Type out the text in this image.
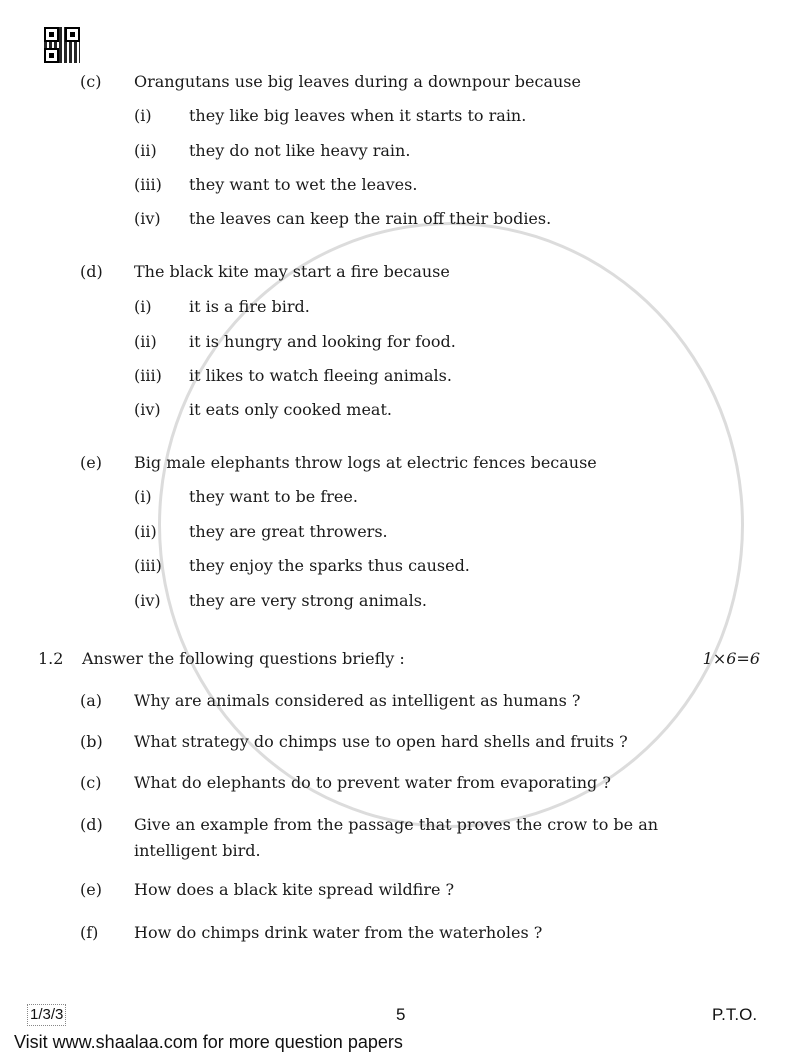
(c) Orangutans use big leaves during a downpour because
(i) they like big leaves when it starts to rain.
(ii) they do not like heavy rain.
(iii) they want to wet the leaves.
(iv) the leaves can keep the rain off their bodies.
(d) The black kite may start a fire because
(i) it is a fire bird.
(ii) it is hungry and looking for food.
(iii) it likes to watch fleeing animals.
(iv) it eats only cooked meat.
(e) Big male elephants throw logs at electric fences because
(i) they want to be free.
(ii) they are great throwers.
(iii) they enjoy the sparks thus caused.
(iv) they are very strong animals.
1.2 Answer the following questions briefly :	1×6=6
(a) Why are animals considered as intelligent as humans ?
(b) What strategy do chimps use to open hard shells and fruits ?
(c) What do elephants do to prevent water from evaporating ?
(d) Give an example from the passage that proves the crow to be an
intelligent bird.
(e) How does a black kite spread wildfire ?
(f) How do chimps drink water from the waterholes ?
1/3/3	5	P.T.O.
Visit www.shaalaa.com for more question papers
